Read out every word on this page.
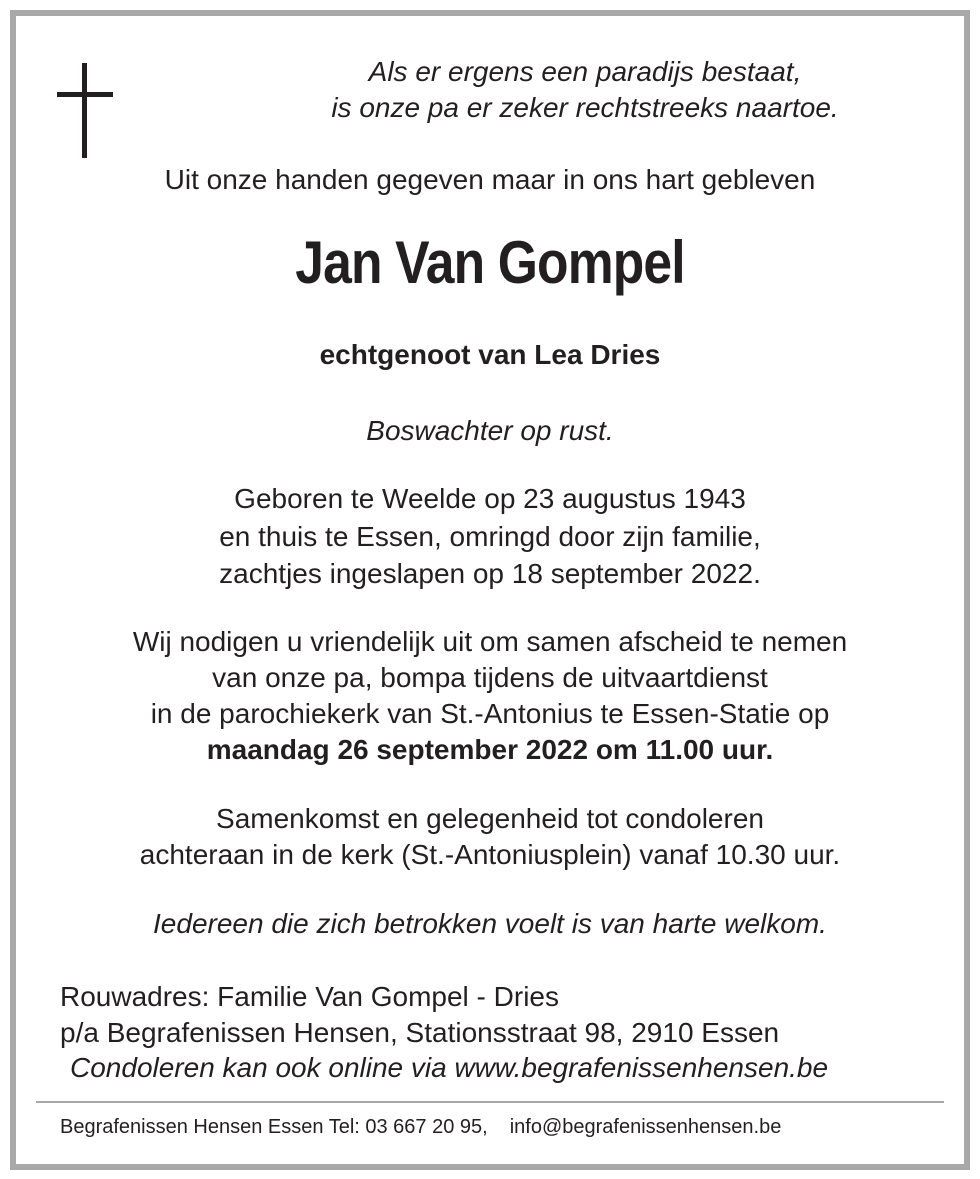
Als er ergens een paradijs bestaat,
is onze pa er zeker rechtstreeks naartoe.
Uit onze handen gegeven maar in ons hart gebleven
Jan Van Gompel
echtgenoot van Lea Dries
Boswachter op rust.
Geboren te Weelde op 23 augustus 1943
en thuis te Essen, omringd door zijn familie,
zachtjes ingeslapen op 18 september 2022.
Wij nodigen u vriendelijk uit om samen afscheid te nemen
van onze pa, bompa tijdens de uitvaartdienst
in de parochiekerk van St.-Antonius te Essen-Statie op
maandag 26 september 2022 om 11.00 uur.
Samenkomst en gelegenheid tot condoleren
achteraan in de kerk (St.-Antoniusplein) vanaf 10.30 uur.
Iedereen die zich betrokken voelt is van harte welkom.
Rouwadres: Familie Van Gompel - Dries
p/a Begrafenissen Hensen, Stationsstraat 98, 2910 Essen
Condoleren kan ook online via www.begrafenissenhensen.be
Begrafenissen Hensen Essen Tel: 03 667 20 95, info@begrafenissenhensen.be
